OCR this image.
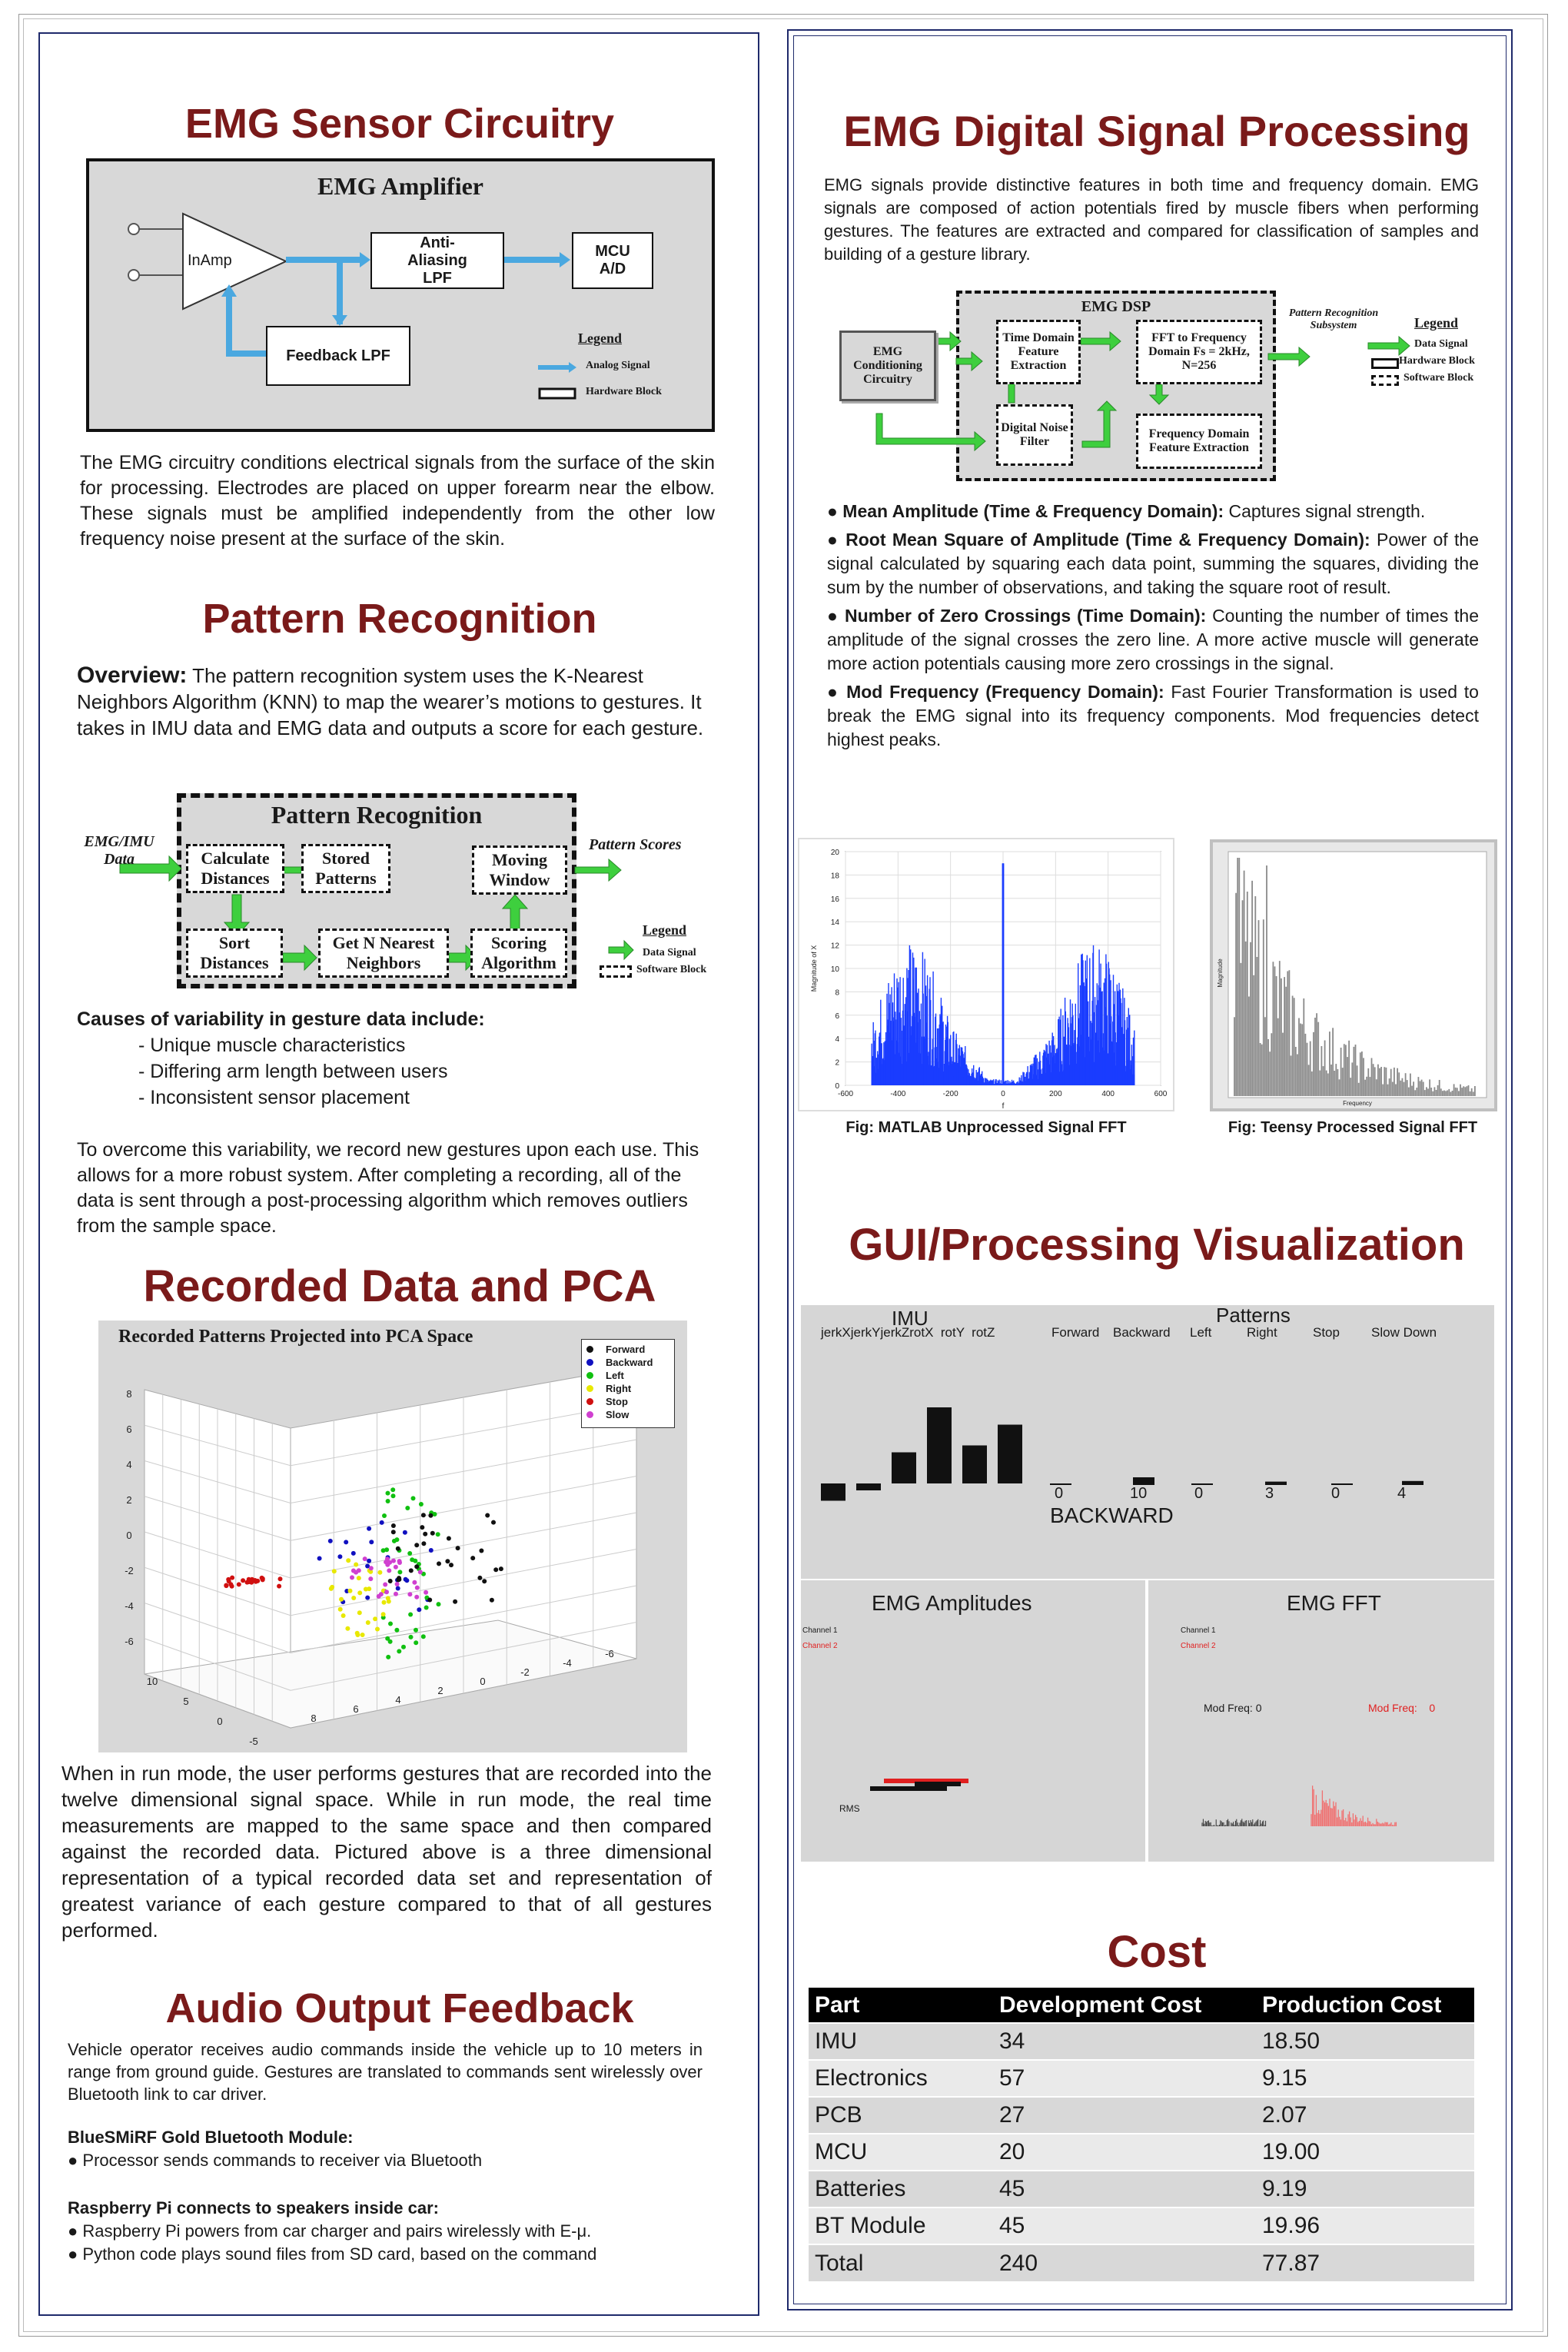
EMG Sensor Circuitry
EMG Amplifier
InAmp
Anti-Aliasing LPF
MCU A/D
Feedback LPF
Legend
Analog Signal
Hardware Block

The EMG circuitry conditions electrical signals from the surface of the skin for processing. Electrodes are placed on upper forearm near the elbow. These signals must be amplified independently from the other low frequency noise present at the surface of the skin.

Pattern Recognition

Overview: The pattern recognition system uses the K-Nearest Neighbors Algorithm (KNN) to map the wearer’s motions to gestures. It takes in IMU data and EMG data and outputs a score for each gesture.

Pattern Recognition
Calculate Distances
Stored Patterns
Moving Window
Sort Distances
Get N Nearest Neighbors
Scoring Algorithm
EMG/IMU Data
Pattern Scores
Legend
Data Signal
Software Block
Causes of variability in gesture data include:
- Unique muscle characteristics
- Differing arm length between users
- Inconsistent sensor placement

To overcome this variability, we record new gestures upon each use. This allows for a more robust system. After completing a recording, all of the data is sent through a post-processing algorithm which removes outliers from the sample space.

Recorded Data and PCA
Recorded Patterns Projected into PCA Space
8
6
4
2
0
-2
-4
-6
10
5
0
-5
8
6
4
2
0
-2
-4
-6
Forward
Backward
Left
Right
Stop
Slow

When in run mode, the user performs gestures that are recorded into the twelve dimensional signal space. While in run mode, the real time measurements are mapped to the same space and then compared against the recorded data. Pictured above is a three dimensional representation of a typical recorded data set and representation of greatest variance of each gesture compared to that of all gestures performed.

Audio Output Feedback

Vehicle operator receives audio commands inside the vehicle up to 10 meters in range from ground guide. Gestures are translated to commands sent wirelessly over Bluetooth link to car driver.

BlueSMiRF Gold Bluetooth Module:
● Processor sends commands to receiver via Bluetooth
Raspberry Pi connects to speakers inside car:
● Raspberry Pi powers from car charger and pairs wirelessly with E-μ.
● Python code plays sound files from SD card, based on the command
EMG Digital Signal Processing

EMG signals provide distinctive features in both time and frequency domain. EMG signals are composed of action potentials fired by muscle fibers when performing gestures. The features are extracted and compared for classification of samples and building of a gesture library.

EMG DSP
EMG Conditioning Circuitry
Time Domain Feature Extraction
FFT to Frequency Domain Fs = 2kHz, N=256
Digital Noise Filter
Frequency Domain Feature Extraction
Pattern Recognition Subsystem	Legend
Data Signal
Hardware Block
Software Block

● Mean Amplitude (Time & Frequency Domain): Captures signal strength.

● Root Mean Square of Amplitude (Time & Frequency Domain): Power of the signal calculated by squaring each data point, summing the squares, dividing the sum by the number of observations, and taking the square root of result.

● Number of Zero Crossings (Time Domain): Counting the number of times the amplitude of the signal crosses the zero line. A more active muscle will generate more action potentials causing more zero crossings in the signal.

● Mod Frequency (Frequency Domain): Fast Fourier Transformation is used to break the EMG signal into its frequency components. Mod frequencies detect highest peaks.

20
18
16
14
12
10
8
6
4
2
0
-600	-400	-200	0	200	400	600
f
Magnitude of X
Fig: MATLAB Unprocessed Signal FFT
Magnitude
Frequency
Fig: Teensy Processed Signal FFT
GUI/Processing Visualization
IMU
jerkXjerkYjerkZrotX  rotY  rotZ
Patterns
Forward Backward Left	Right	Stop Slow Down
0	10	0	3	0	4
BACKWARD
EMG Amplitudes
Channel 1
Channel 2
RMS
EMG FFT
Channel 1
Channel 2
Mod Freq: 0	Mod Freq:    0
Cost
Part	Development Cost	Production Cost
IMU	34	18.50
Electronics	57	9.15
PCB	27	2.07
MCU	20	19.00
Batteries	45	9.19
BT Module	45	19.96
Total	240	77.87
